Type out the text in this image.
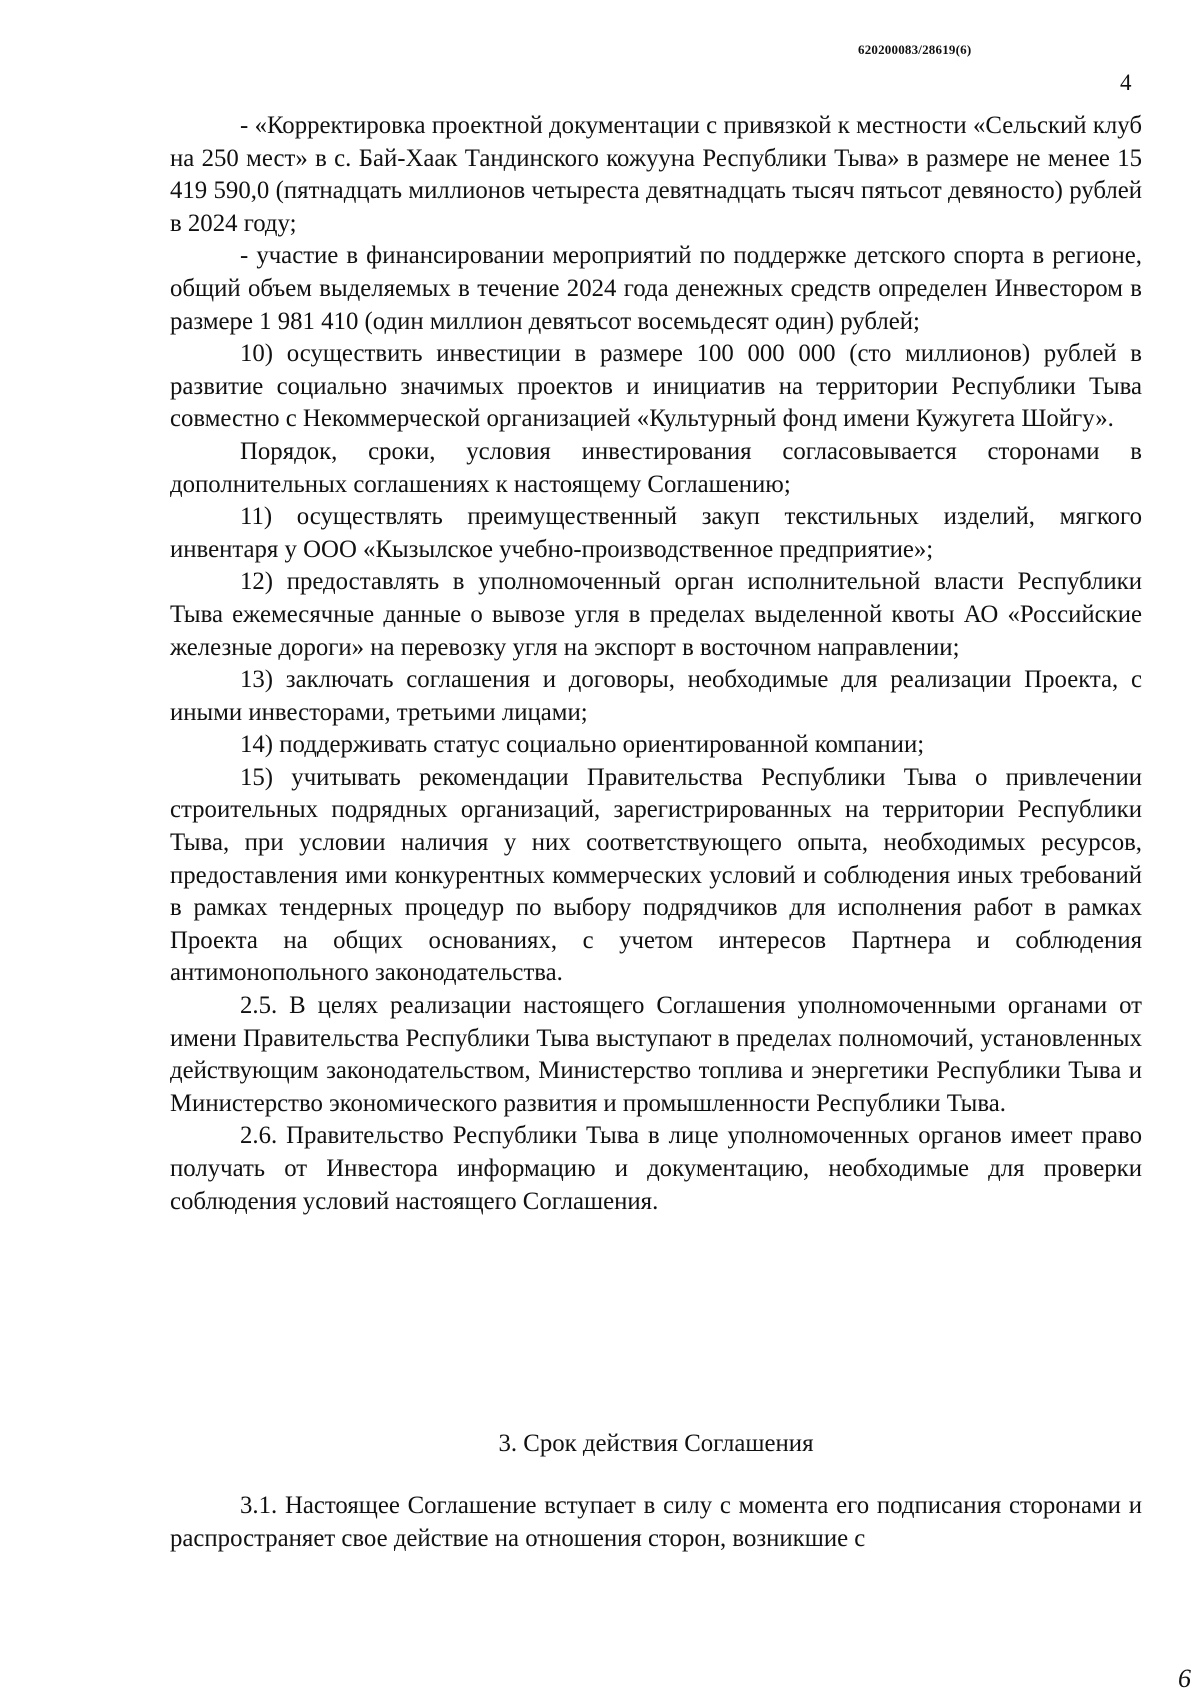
620200083/28619(6)
4

- «Корректировка проектной документации с привязкой к местности «Сельский клуб на 250 мест» в с. Бай-Хаак Тандинского кожууна Республики Тыва» в размере не менее 15 419 590,0 (пятнадцать миллионов четыреста девятнадцать тысяч пятьсот девяносто) рублей в 2024 году;

- участие в финансировании мероприятий по поддержке детского спорта в регионе, общий объем выделяемых в течение 2024 года денежных средств определен Инвестором в размере 1 981 410 (один миллион девятьсот восемьдесят один) рублей;

10) осуществить инвестиции в размере 100 000 000 (сто миллионов) рублей в развитие социально значимых проектов и инициатив на территории Республики Тыва совместно с Некоммерческой организацией «Культурный фонд имени Кужугета Шойгу».

Порядок, сроки, условия инвестирования согласовывается сторонами в дополнительных соглашениях к настоящему Соглашению;

11) осуществлять преимущественный закуп текстильных изделий, мягкого инвентаря у ООО «Кызылское учебно-производственное предприятие»;

12) предоставлять в уполномоченный орган исполнительной власти Республики Тыва ежемесячные данные о вывозе угля в пределах выделенной квоты АО «Российские железные дороги» на перевозку угля на экспорт в восточном направлении;

13) заключать соглашения и договоры, необходимые для реализации Проекта, с иными инвесторами, третьими лицами;

14) поддерживать статус социально ориентированной компании;

15) учитывать рекомендации Правительства Республики Тыва о привлечении строительных подрядных организаций, зарегистрированных на территории Республики Тыва, при условии наличия у них соответствующего опыта, необходимых ресурсов, предоставления ими конкурентных коммерческих условий и соблюдения иных требований в рамках тендерных процедур по выбору подрядчиков для исполнения работ в рамках Проекта на общих основаниях, с учетом интересов Партнера и соблюдения антимонопольного законодательства.

2.5. В целях реализации настоящего Соглашения уполномоченными органами от имени Правительства Республики Тыва выступают в пределах полномочий, установленных действующим законодательством, Министерство топлива и энергетики Республики Тыва и Министерство экономического развития и промышленности Республики Тыва.

2.6. Правительство Республики Тыва в лице уполномоченных органов имеет право получать от Инвестора информацию и документацию, необходимые для проверки соблюдения условий настоящего Соглашения.

3. Срок действия Соглашения

3.1. Настоящее Соглашение вступает в силу с момента его подписания сторонами и распространяет свое действие на отношения сторон, возникшие с

6
